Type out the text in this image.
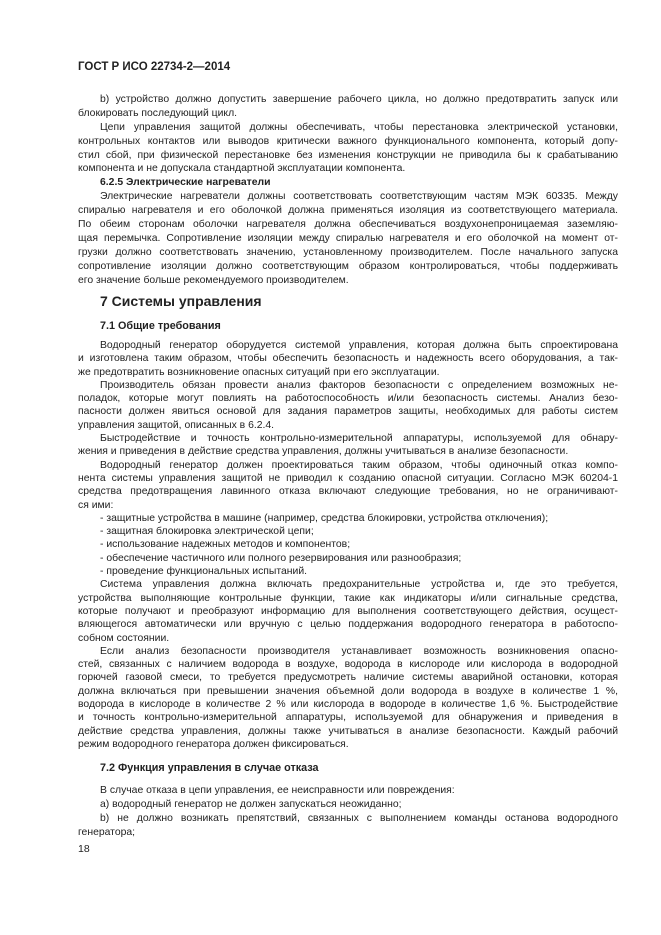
ГОСТ Р ИСО 22734-2—2014
b) устройство должно допустить завершение рабочего цикла, но должно предотвратить запуск или
блокировать последующий цикл.
Цепи управления защитой должны обеспечивать, чтобы перестановка электрической установки,
контрольных контактов или выводов критически важного функционального компонента, который допу-
стил сбой, при физической перестановке без изменения конструкции не приводила бы к срабатыванию
компонента и не допускала стандартной эксплуатации компонента.
6.2.5 Электрические нагреватели
Электрические нагреватели должны соответствовать соответствующим частям МЭК 60335. Между
спиралью нагревателя и его оболочкой должна применяться изоляция из соответствующего материала.
По обеим сторонам оболочки нагревателя должна обеспечиваться воздухонепроницаемая заземляю-
щая перемычка. Сопротивление изоляции между спиралью нагревателя и его оболочкой на момент от-
грузки должно соответствовать значению, установленному производителем. После начального запуска
сопротивление изоляции должно соответствующим образом контролироваться, чтобы поддерживать
его значение больше рекомендуемого производителем.
7 Системы управления
7.1 Общие требования
Водородный генератор оборудуется системой управления, которая должна быть спроектирована
и изготовлена таким образом, чтобы обеспечить безопасность и надежность всего оборудования, а так-
же предотвратить возникновение опасных ситуаций при его эксплуатации.
Производитель обязан провести анализ факторов безопасности с определением возможных не-
поладок, которые могут повлиять на работоспособность и/или безопасность системы. Анализ безо-
пасности должен явиться основой для задания параметров защиты, необходимых для работы систем
управления защитой, описанных в 6.2.4.
Быстродействие и точность контрольно-измерительной аппаратуры, используемой для обнару-
жения и приведения в действие средства управления, должны учитываться в анализе безопасности.
Водородный генератор должен проектироваться таким образом, чтобы одиночный отказ компо-
нента системы управления защитой не приводил к созданию опасной ситуации. Согласно МЭК 60204-1
средства предотвращения лавинного отказа включают следующие требования, но не ограничивают-
ся ими:
- защитные устройства в машине (например, средства блокировки, устройства отключения);
- защитная блокировка электрической цепи;
- использование надежных методов и компонентов;
- обеспечение частичного или полного резервирования или разнообразия;
- проведение функциональных испытаний.
Система управления должна включать предохранительные устройства и, где это требуется,
устройства выполняющие контрольные функции, такие как индикаторы и/или сигнальные средства,
которые получают и преобразуют информацию для выполнения соответствующего действия, осущест-
вляющегося автоматически или вручную с целью поддержания водородного генератора в работоспо-
собном состоянии.
Если анализ безопасности производителя устанавливает возможность возникновения опасно-
стей, связанных с наличием водорода в воздухе, водорода в кислороде или кислорода в водородной
горючей газовой смеси, то требуется предусмотреть наличие системы аварийной остановки, которая
должна включаться при превышении значения объемной доли водорода в воздухе в количестве 1 %,
водорода в кислороде в количестве 2 % или кислорода в водороде в количестве 1,6 %. Быстродействие
и точность контрольно-измерительной аппаратуры, используемой для обнаружения и приведения в
действие средства управления, должны также учитываться в анализе безопасности. Каждый рабочий
режим водородного генератора должен фиксироваться.
7.2 Функция управления в случае отказа
В случае отказа в цепи управления, ее неисправности или повреждения:
а) водородный генератор не должен запускаться неожиданно;
b) не должно возникать препятствий, связанных с выполнением команды останова водородного
генератора;
18
